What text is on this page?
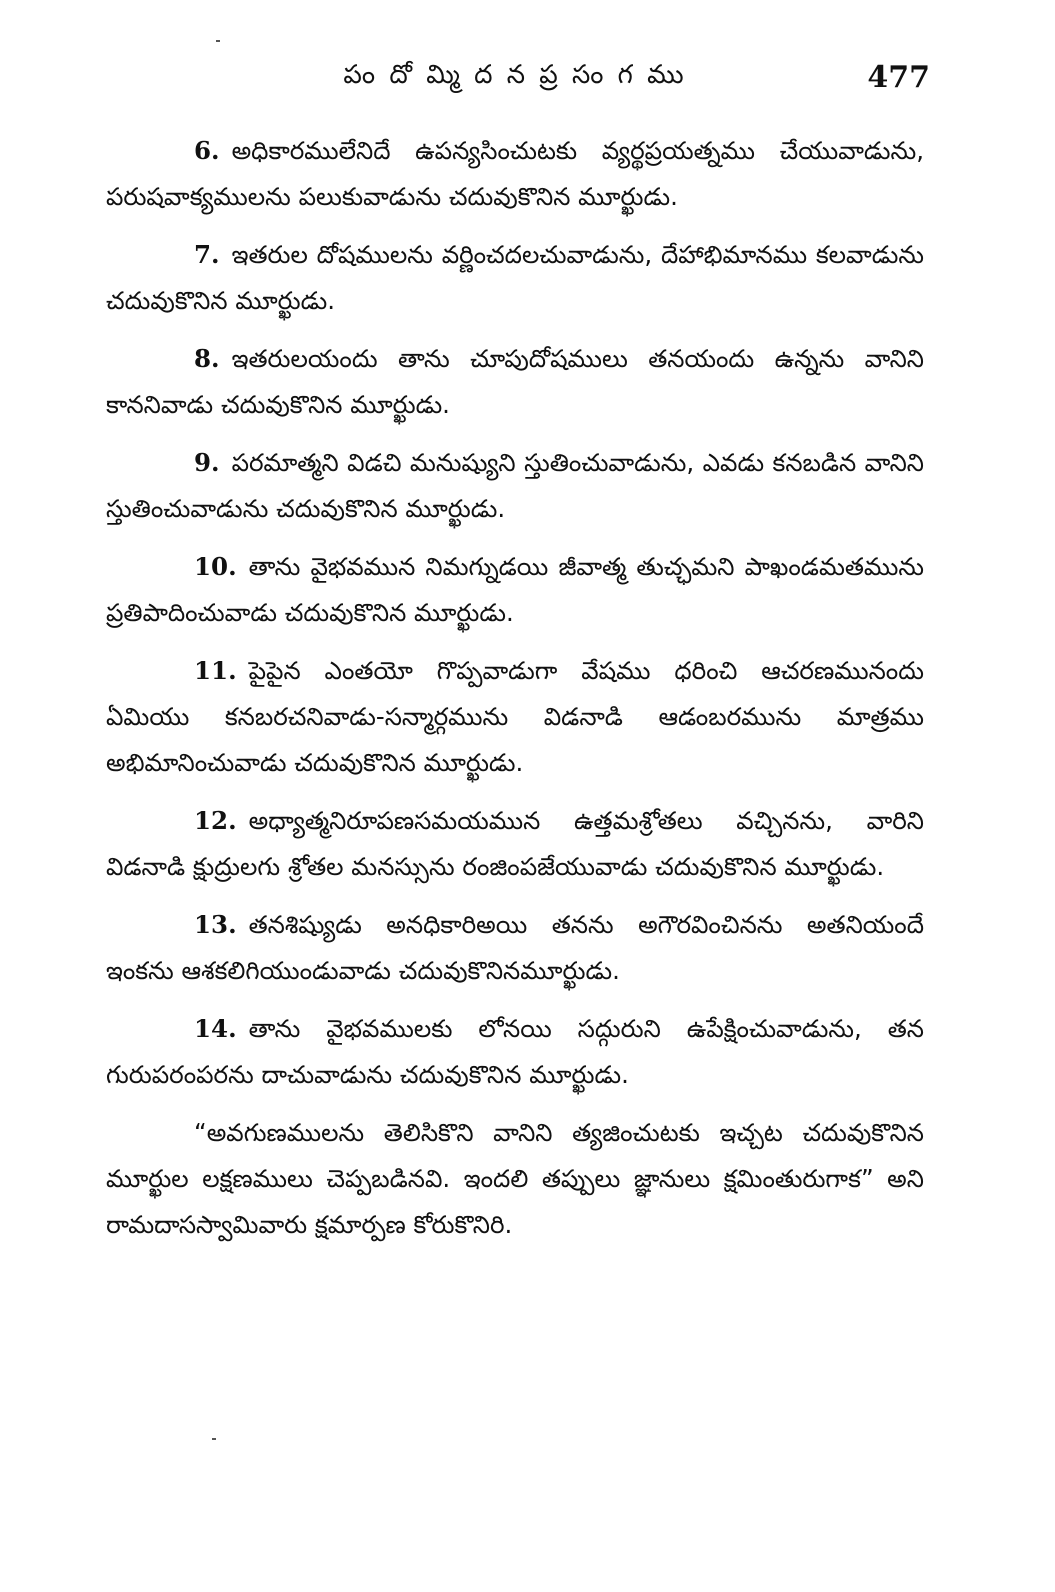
పం దో మ్మి ద న ప్ర సం గ ము	477

6. అధికారములేనిదే ఉపన్యసించుటకు వ్యర్థప్రయత్నము చేయువాడును, పరుషవాక్యములను పలుకువాడును చదువుకొనిన మూర్ఖుడు.

7. ఇతరుల దోషములను వర్ణించదలచువాడును, దేహాభిమానము కలవాడును చదువుకొనిన మూర్ఖుడు.

8. ఇతరులయందు తాను చూపుదోషములు తనయందు ఉన్నను వానిని కాననివాడు చదువుకొనిన మూర్ఖుడు.

9. పరమాత్మని విడచి మనుష్యుని స్తుతించువాడును, ఎవడు కనబడిన వానిని స్తుతించువాడును చదువుకొనిన మూర్ఖుడు.

10. తాను వైభవమున నిమగ్నుడయి జీవాత్మ తుచ్ఛమని పాఖండమతమును ప్రతిపాదించువాడు చదువుకొనిన మూర్ఖుడు.

11. పైపైన ఎంతయో గొప్పవాడుగా వేషము ధరించి ఆచరణమునందు ఏమియు కనబరచనివాడు-సన్మార్గమును విడనాడి ఆడంబరమును మాత్రము అభిమానించువాడు చదువుకొనిన మూర్ఖుడు.

12. అధ్యాత్మనిరూపణసమయమున ఉత్తమశ్రోతలు వచ్చినను, వారిని విడనాడి క్షుద్రులగు శ్రోతల మనస్సును రంజింపజేయువాడు చదువుకొనిన మూర్ఖుడు.

13. తనశిష్యుడు అనధికారిఅయి తనను అగౌరవించినను అతనియందే ఇంకను ఆశకలిగియుండువాడు చదువుకొనినమూర్ఖుడు.

14. తాను వైభవములకు లోనయి సద్గురుని ఉపేక్షించువాడును, తన గురుపరంపరను దాచువాడును చదువుకొనిన మూర్ఖుడు.

“అవగుణములను తెలిసికొని వానిని త్యజించుటకు ఇచ్చట చదువుకొనిన మూర్ఖుల లక్షణములు చెప్పబడినవి. ఇందలి తప్పులు జ్ఞానులు క్షమింతురుగాక” అని రామదాసస్వామివారు క్షమార్పణ కోరుకొనిరి.
